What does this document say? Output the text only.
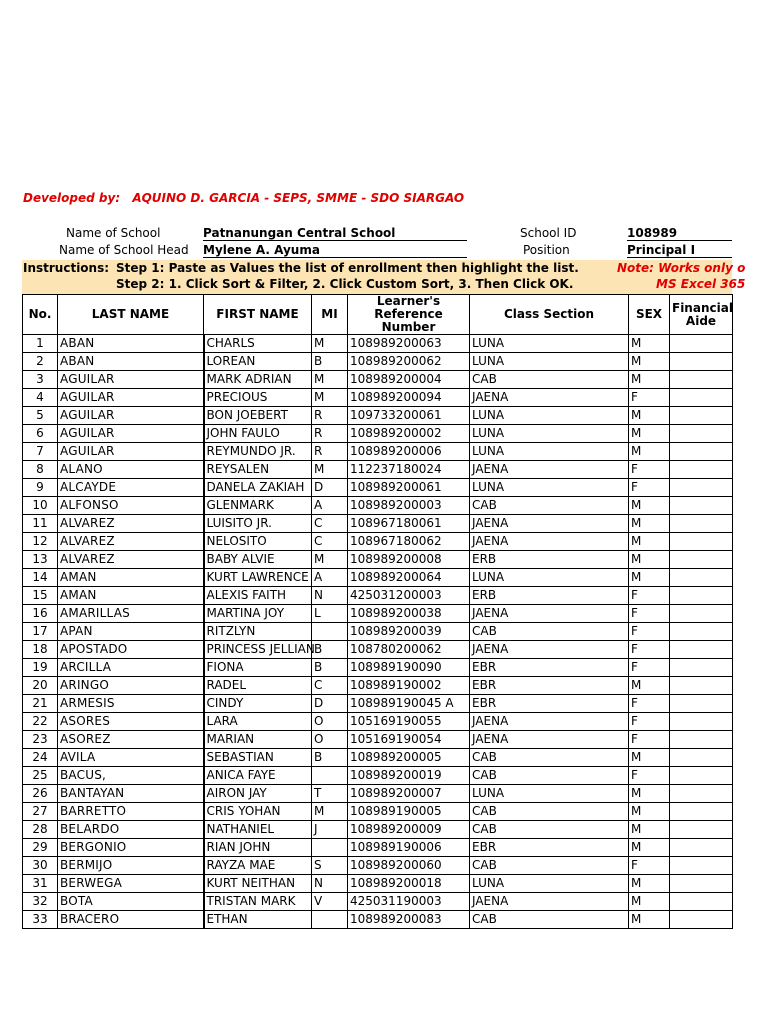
Developed by: AQUINO D. GARCIA - SEPS, SMME - SDO SIARGAO
Name of School	Patnanungan Central School
Name of School Head Mylene A. Ayuma
School ID	108989
Position	Principal I
Instructions: Step 1: Paste as Values the list of enrollment then highlight the list.
Step 2: 1. Click Sort & Filter, 2. Click Custom Sort, 3. Then Click OK.
Note: Works only o
MS Excel 365
No.	LAST NAME	FIRST NAME	MI	Learner's Reference Number	Class Section	SEX	Financial Aide
1	ABAN	CHARLS	M	108989200063	LUNA	M	
2	ABAN	LOREAN	B	108989200062	LUNA	M	
3	AGUILAR	MARK ADRIAN	M	108989200004	CAB	M	
4	AGUILAR	PRECIOUS	M	108989200094	JAENA	F	
5	AGUILAR	BON JOEBERT	R	109733200061	LUNA	M	
6	AGUILAR	JOHN FAULO	R	108989200002	LUNA	M	
7	AGUILAR	REYMUNDO JR.	R	108989200006	LUNA	M	
8	ALANO	REYSALEN	M	112237180024	JAENA	F	
9	ALCAYDE	DANELA ZAKIAH	D	108989200061	LUNA	F	
10	ALFONSO	GLENMARK	A	108989200003	CAB	M	
11	ALVAREZ	LUISITO JR.	C	108967180061	JAENA	M	
12	ALVAREZ	NELOSITO	C	108967180062	JAENA	M	
13	ALVAREZ	BABY ALVIE	M	108989200008	ERB	M	
14	AMAN	KURT LAWRENCE	A	108989200064	LUNA	M	
15	AMAN	ALEXIS FAITH	N	425031200003	ERB	F	
16	AMARILLAS	MARTINA JOY	L	108989200038	JAENA	F	
17	APAN	RITZLYN		108989200039	CAB	F	
18	APOSTADO	PRINCESS JELLIAN	B	108780200062	JAENA	F	
19	ARCILLA	FIONA	B	108989190090	EBR	F	
20	ARINGO	RADEL	C	108989190002	EBR	M	
21	ARMESIS	CINDY	D	108989190045 A	EBR	F	
22	ASORES	LARA	O	105169190055	JAENA	F	
23	ASOREZ	MARIAN	O	105169190054	JAENA	F	
24	AVILA	SEBASTIAN	B	108989200005	CAB	M	
25	BACUS,	ANICA FAYE		108989200019	CAB	F	
26	BANTAYAN	AIRON JAY	T	108989200007	LUNA	M	
27	BARRETTO	CRIS YOHAN	M	108989190005	CAB	M	
28	BELARDO	NATHANIEL	J	108989200009	CAB	M	
29	BERGONIO	RIAN JOHN		108989190006	EBR	M	
30	BERMIJO	RAYZA MAE	S	108989200060	CAB	F	
31	BERWEGA	KURT NEITHAN	N	108989200018	LUNA	M	
32	BOTA	TRISTAN MARK	V	425031190003	JAENA	M	
33	BRACERO	ETHAN		108989200083	CAB	M	
